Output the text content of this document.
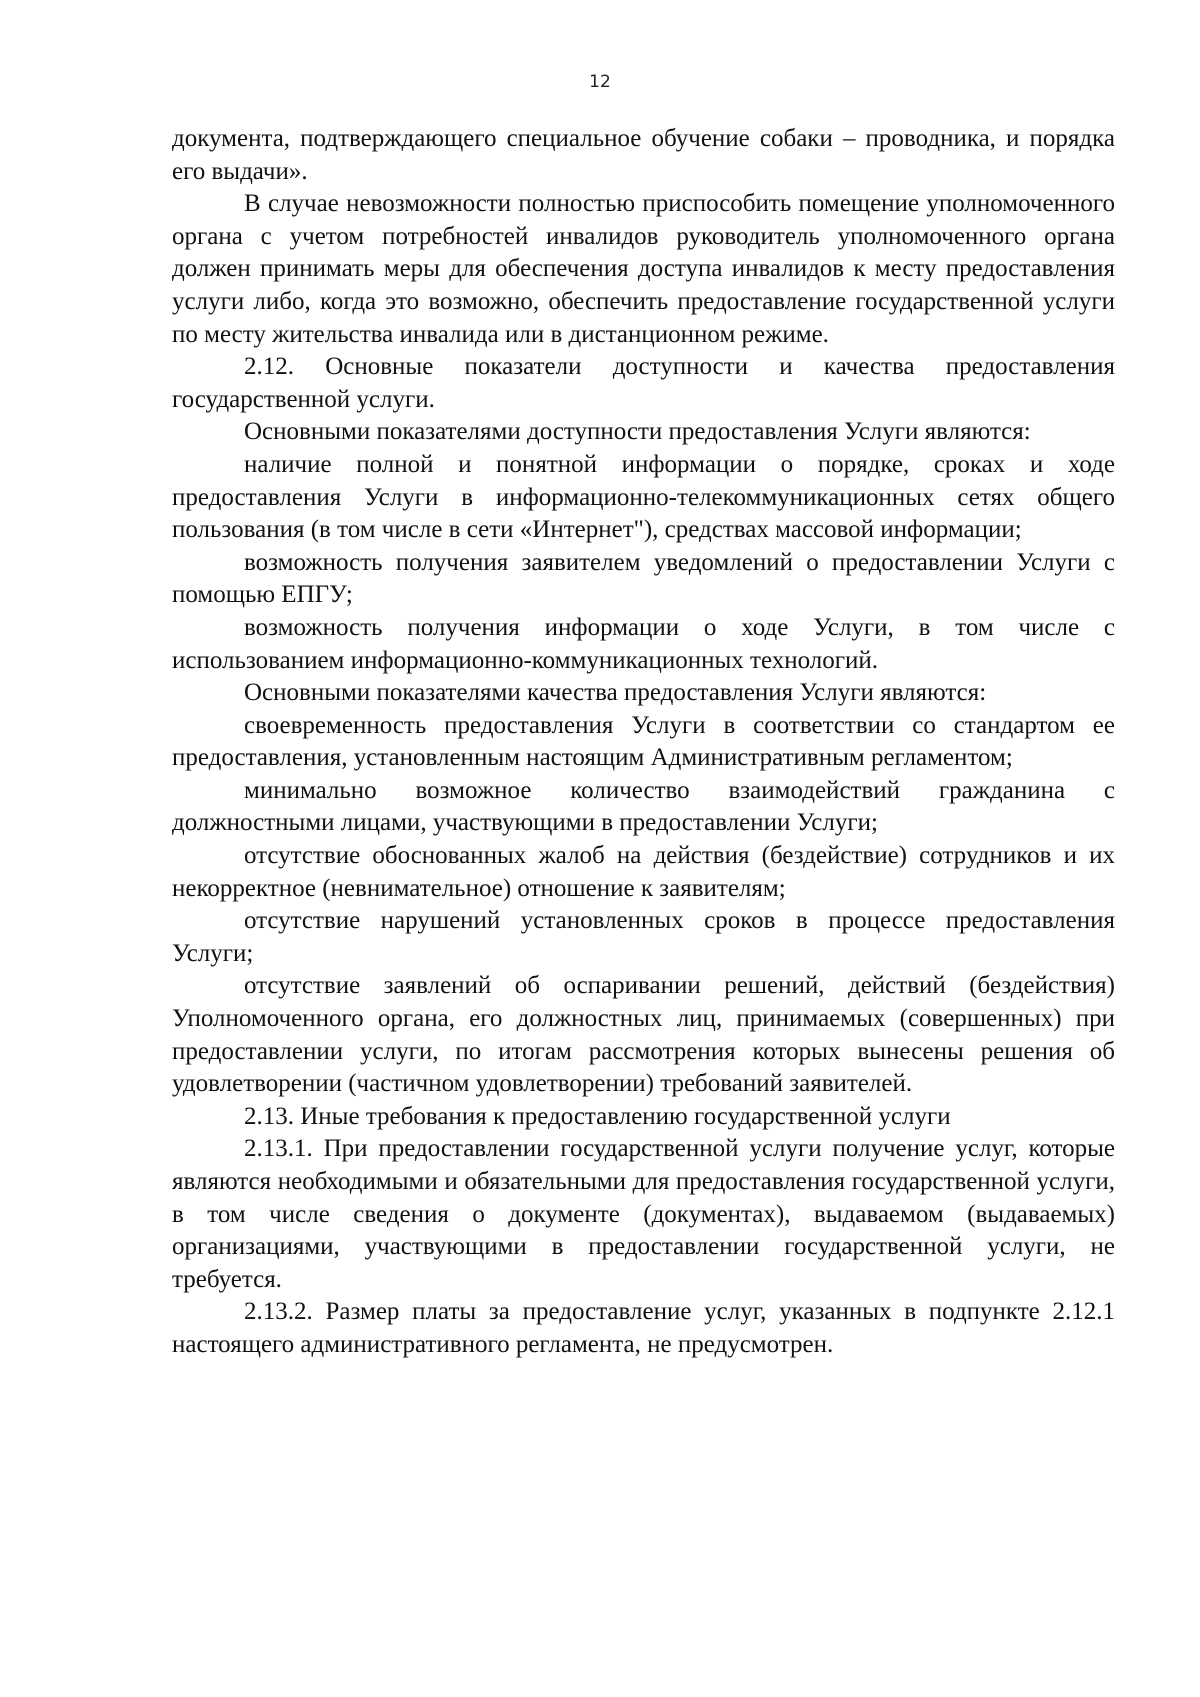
12

документа, подтверждающего специальное обучение собаки – проводника, и порядка его выдачи».

В случае невозможности полностью приспособить помещение уполномоченного органа с учетом потребностей инвалидов руководитель уполномоченного органа должен принимать меры для обеспечения доступа инвалидов к месту предоставления услуги либо, когда это возможно, обеспечить предоставление государственной услуги по месту жительства инвалида или в дистанционном режиме.

2.12. Основные показатели доступности и качества предоставления государственной услуги.

Основными показателями доступности предоставления Услуги являются:

наличие полной и понятной информации о порядке, сроках и ходе предоставления Услуги в информационно-телекоммуникационных сетях общего пользования (в том числе в сети «Интернет"), средствах массовой информации;

возможность получения заявителем уведомлений о предоставлении Услуги с помощью ЕПГУ;

возможность получения информации о ходе Услуги, в том числе с использованием информационно-коммуникационных технологий.

Основными показателями качества предоставления Услуги являются:

своевременность предоставления Услуги в соответствии со стандартом ее предоставления, установленным настоящим Административным регламентом;

минимально возможное количество взаимодействий гражданина с должностными лицами, участвующими в предоставлении Услуги;

отсутствие обоснованных жалоб на действия (бездействие) сотрудников и их некорректное (невнимательное) отношение к заявителям;

отсутствие нарушений установленных сроков в процессе предоставления Услуги;

отсутствие заявлений об оспаривании решений, действий (бездействия) Уполномоченного органа, его должностных лиц, принимаемых (совершенных) при предоставлении услуги, по итогам рассмотрения которых вынесены решения об удовлетворении (частичном удовлетворении) требований заявителей.

2.13. Иные требования к предоставлению государственной услуги

2.13.1. При предоставлении государственной услуги получение услуг, которые являются необходимыми и обязательными для предоставления государственной услуги, в том числе сведения о документе (документах), выдаваемом (выдаваемых) организациями, участвующими в предоставлении государственной услуги, не требуется.

2.13.2. Размер платы за предоставление услуг, указанных в подпункте 2.12.1 настоящего административного регламента, не предусмотрен.
